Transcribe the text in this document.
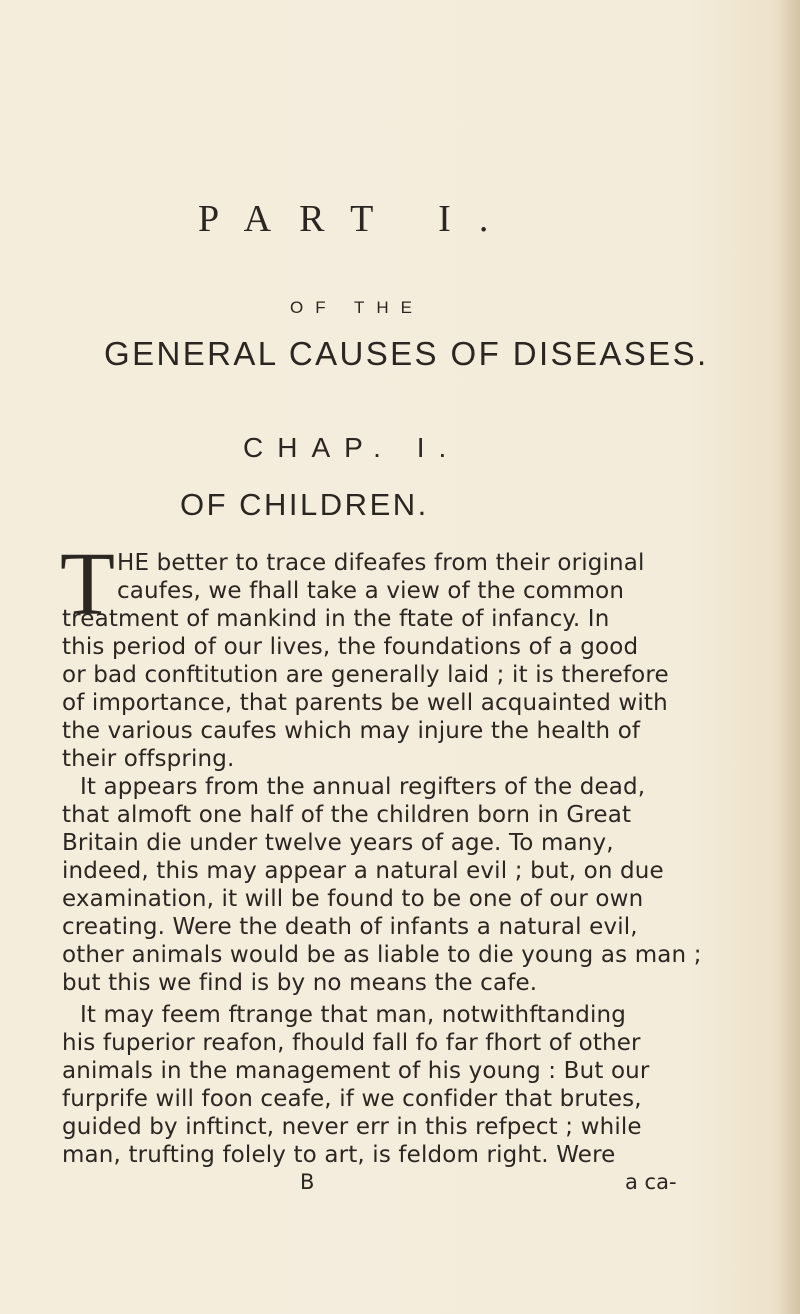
PART I.
OF THE
GENERAL CAUSES OF DISEASES.
CHAP. I.
OF CHILDREN.
T HE better to trace difeafes from their original
caufes, we fhall take a view of the common
treatment of mankind in the ftate of infancy. In
this period of our lives, the foundations of a good
or bad conftitution are generally laid ; it is therefore
of importance, that parents be well acquainted with
the various caufes which may injure the health of
their offspring.
It appears from the annual regifters of the dead,
that almoft one half of the children born in Great
Britain die under twelve years of age. To many,
indeed, this may appear a natural evil ; but, on due
examination, it will be found to be one of our own
creating. Were the death of infants a natural evil,
other animals would be as liable to die young as man ;
but this we find is by no means the cafe.
It may feem ftrange that man, notwithftanding
his fuperior reafon, fhould fall fo far fhort of other
animals in the management of his young : But our
furprife will foon ceafe, if we confider that brutes,
guided by inftinct, never err in this refpect ; while
man, trufting folely to art, is feldom right. Were
B	a ca-
